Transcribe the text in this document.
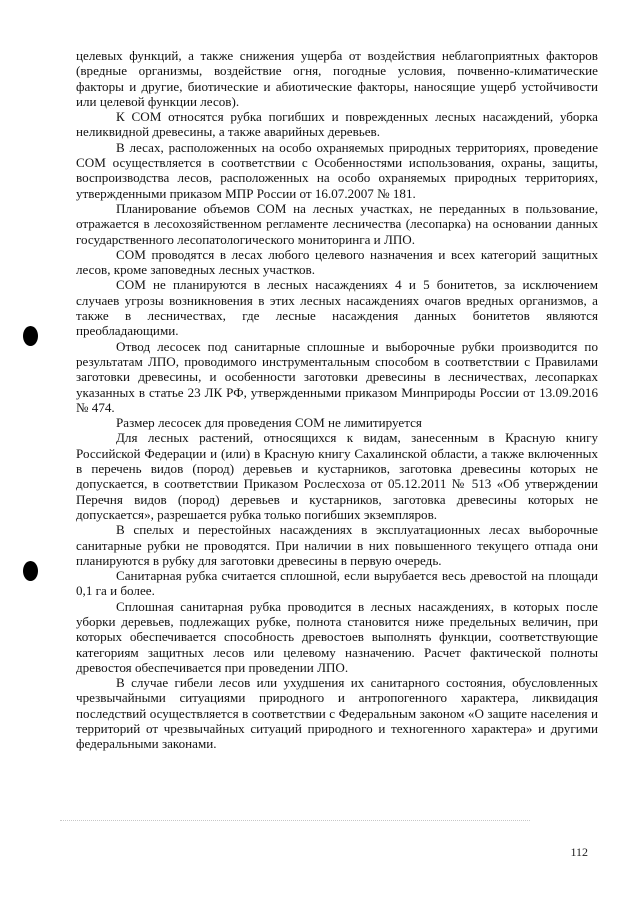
целевых функций, а также снижения ущерба от воздействия неблагоприятных факторов (вредные организмы, воздействие огня, погодные условия, почвенно-климатические факторы и другие, биотические и абиотические факторы, наносящие ущерб устойчивости или целевой функции лесов).

К СОМ относятся рубка погибших и поврежденных лесных насаждений, уборка неликвидной древесины, а также аварийных деревьев.

В лесах, расположенных на особо охраняемых природных территориях, проведение СОМ осуществляется в соответствии с Особенностями использования, охраны, защиты, воспроизводства лесов, расположенных на особо охраняемых природных территориях, утвержденными приказом МПР России от 16.07.2007 № 181.

Планирование объемов СОМ на лесных участках, не переданных в пользование, отражается в лесохозяйственном регламенте лесничества (лесопарка) на основании данных государственного лесопатологического мониторинга и ЛПО.

СОМ проводятся в лесах любого целевого назначения и всех категорий защитных лесов, кроме заповедных лесных участков.

СОМ не планируются в лесных насаждениях 4 и 5 бонитетов, за исключением случаев угрозы возникновения в этих лесных насаждениях очагов вредных организмов, а также в лесничествах, где лесные насаждения данных бонитетов являются преобладающими.

Отвод лесосек под санитарные сплошные и выборочные рубки производится по результатам ЛПО, проводимого инструментальным способом в соответствии с Правилами заготовки древесины, и особенности заготовки древесины в лесничествах, лесопарках указанных в статье 23 ЛК РФ, утвержденными приказом Минприроды России от 13.09.2016 № 474.

Размер лесосек для проведения СОМ не лимитируется

Для лесных растений, относящихся к видам, занесенным в Красную книгу Российской Федерации и (или) в Красную книгу Сахалинской области, а также включенных в перечень видов (пород) деревьев и кустарников, заготовка древесины которых не допускается, в соответствии Приказом Рослесхоза от 05.12.2011 № 513 «Об утверждении Перечня видов (пород) деревьев и кустарников, заготовка древесины которых не допускается», разрешается рубка только погибших экземпляров.

В спелых и перестойных насаждениях в эксплуатационных лесах выборочные санитарные рубки не проводятся. При наличии в них повышенного текущего отпада они планируются в рубку для заготовки древесины в первую очередь.

Санитарная рубка считается сплошной, если вырубается весь древостой на площади 0,1 га и более.

Сплошная санитарная рубка проводится в лесных насаждениях, в которых после уборки деревьев, подлежащих рубке, полнота становится ниже предельных величин, при которых обеспечивается способность древостоев выполнять функции, соответствующие категориям защитных лесов или целевому назначению. Расчет фактической полноты древостоя обеспечивается при проведении ЛПО.

В случае гибели лесов или ухудшения их санитарного состояния, обусловленных чрезвычайными ситуациями природного и антропогенного характера, ликвидация последствий осуществляется в соответствии с Федеральным законом «О защите населения и территорий от чрезвычайных ситуаций природного и техногенного характера» и другими федеральными законами.

112
